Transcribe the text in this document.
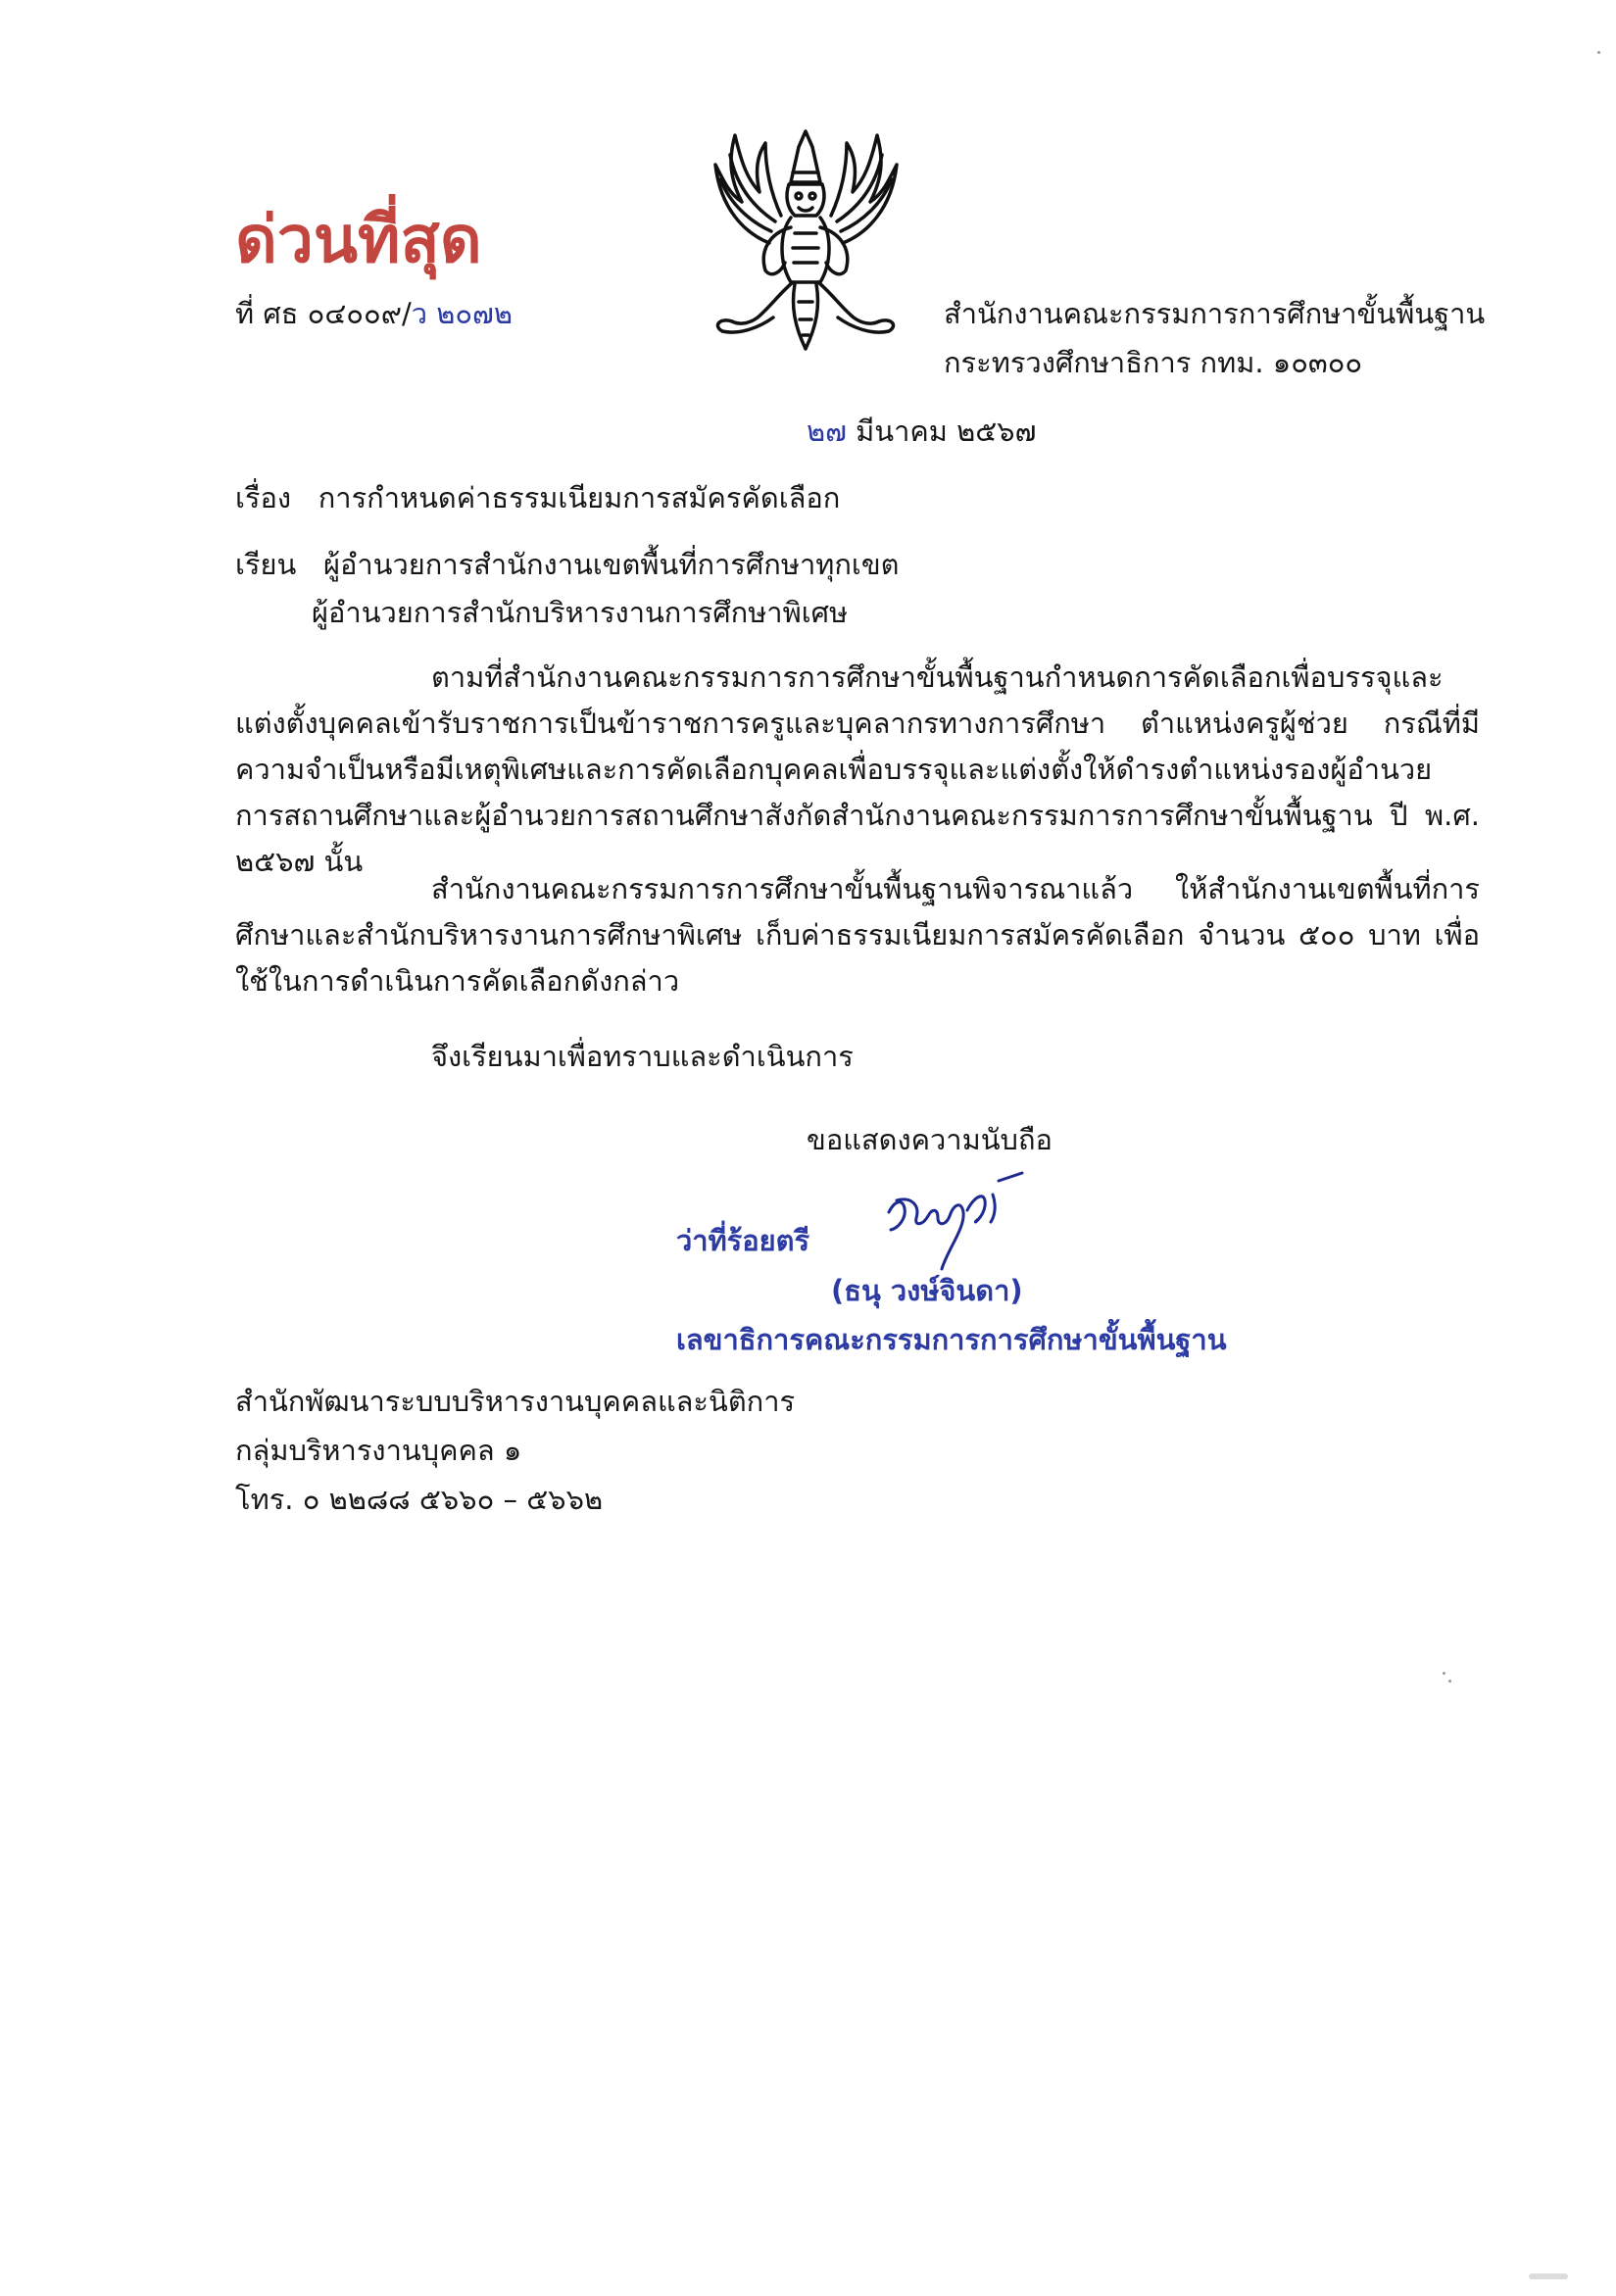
ด่วนที่สุด
ที่ ศธ ๐๔๐๐๙/ว ๒๐๗๒	สำนักงานคณะกรรมการการศึกษาขั้นพื้นฐาน
กระทรวงศึกษาธิการ กทม. ๑๐๓๐๐
๒๗ มีนาคม ๒๕๖๗
เรื่อง การกำหนดค่าธรรมเนียมการสมัครคัดเลือก
เรียน ผู้อำนวยการสำนักงานเขตพื้นที่การศึกษาทุกเขต
ผู้อำนวยการสำนักบริหารงานการศึกษาพิเศษ
ตามที่สำนักงานคณะกรรมการการศึกษาขั้นพื้นฐานกำหนดการคัดเลือกเพื่อบรรจุและแต่งตั้งบุคคลเข้ารับราชการเป็นข้าราชการครูและบุคลากรทางการศึกษา ตำแหน่งครูผู้ช่วย กรณีที่มีความจำเป็นหรือมีเหตุพิเศษและการคัดเลือกบุคคลเพื่อบรรจุและแต่งตั้งให้ดำรงตำแหน่งรองผู้อำนวยการสถานศึกษาและผู้อำนวยการสถานศึกษาสังกัดสำนักงานคณะกรรมการการศึกษาขั้นพื้นฐาน ปี พ.ศ. ๒๕๖๗ นั้น
สำนักงานคณะกรรมการการศึกษาขั้นพื้นฐานพิจารณาแล้ว ให้สำนักงานเขตพื้นที่การศึกษาและสำนักบริหารงานการศึกษาพิเศษ เก็บค่าธรรมเนียมการสมัครคัดเลือก จำนวน ๕๐๐ บาท เพื่อใช้ในการดำเนินการคัดเลือกดังกล่าว
จึงเรียนมาเพื่อทราบและดำเนินการ
ขอแสดงความนับถือ
ว่าที่ร้อยตรี
(ธนุ วงษ์จินดา)
เลขาธิการคณะกรรมการการศึกษาขั้นพื้นฐาน
สำนักพัฒนาระบบบริหารงานบุคคลและนิติการ
กลุ่มบริหารงานบุคคล ๑
โทร. ๐ ๒๒๘๘ ๕๖๖๐ – ๕๖๖๒
